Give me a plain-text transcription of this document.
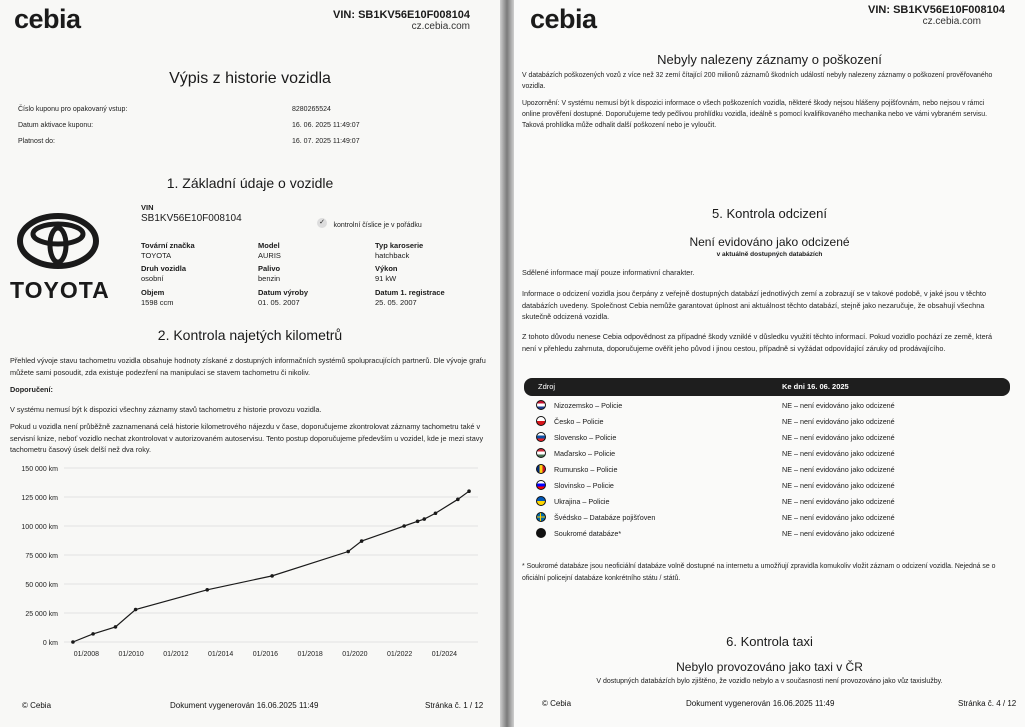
cebia	VIN: SB1KV56E10F008104
cz.cebia.com
Výpis z historie vozidla
Číslo kuponu pro opakovaný vstup:	8280265524
Datum aktivace kuponu:	16. 06. 2025 11:49:07
Platnost do:	16. 07. 2025 11:49:07
1. Základní údaje o vozidle
TOYOTA
VIN
SB1KV56E10F008104	✓ kontrolní číslice je v pořádku
Tovární značka
TOYOTA
Model
AURIS
Typ karoserie
hatchback
Druh vozidla
osobní
Palivo
benzin
Výkon
91 kW
Objem
1598 ccm
Datum výroby
01. 05. 2007
Datum 1. registrace
25. 05. 2007
2. Kontrola najetých kilometrů
Přehled vývoje stavu tachometru vozidla obsahuje hodnoty získané z dostupných informačních systémů spolupracujících partnerů. Dle vývoje grafu můžete sami posoudit, zda existuje podezření na manipulaci se stavem tachometru či nikoliv.
Doporučení:
V systému nemusí být k dispozici všechny záznamy stavů tachometru z historie provozu vozidla.
Pokud u vozidla není průběžně zaznamenaná celá historie kilometrového nájezdu v čase, doporučujeme zkontrolovat záznamy tachometru také v servisní knize, neboť vozidlo nechat zkontrolovat v autorizovaném autoservisu. Tento postup doporučujeme především u vozidel, kde je mezi stavy tachometru časový úsek delší než dva roky.
0 km
25 000 km
50 000 km
75 000 km
100 000 km
125 000 km
150 000 km
01/2008	01/2010	01/2012	01/2014	01/2016	01/2018	01/2020	01/2022	01/2024
© Cebia	Dokument vygenerován 16.06.2025 11:49	Stránka č. 1 / 12
cebia	VIN: SB1KV56E10F008104
cz.cebia.com
Nebyly nalezeny záznamy o poškození
V databázích poškozených vozů z více než 32 zemí čítající 200 milionů záznamů škodních událostí nebyly nalezeny záznamy o poškození prověřovaného vozidla.
Upozornění: V systému nemusí být k dispozici informace o všech poškozeních vozidla, některé škody nejsou hlášeny pojišťovnám, nebo nejsou v rámci online prověření dostupné. Doporučujeme tedy pečlivou prohlídku vozidla, ideálně s pomocí kvalifikovaného mechanika nebo ve vámi vybraném servisu. Taková prohlídka může odhalit další poškození nebo je vyloučit.
5. Kontrola odcizení
Není evidováno jako odcizené
v aktuálně dostupných databázích
Sdělené informace mají pouze informativní charakter.
Informace o odcizení vozidla jsou čerpány z veřejně dostupných databází jednotlivých zemí a zobrazují se v takové podobě, v jaké jsou v těchto databázích uvedeny. Společnost Cebia nemůže garantovat úplnost ani aktuálnost těchto databází, stejně jako nezaručuje, že obsahují všechna skutečně odcizená vozidla.
Z tohoto důvodu nenese Cebia odpovědnost za případné škody vzniklé v důsledku využití těchto informací. Pokud vozidlo pochází ze země, která není v přehledu zahrnuta, doporučujeme ověřit jeho původ i jinou cestou, případně si vyžádat odpovídající záruky od prodávajícího.
Zdroj	Ke dni 16. 06. 2025
Nizozemsko – Policie	NE – není evidováno jako odcizené
Česko – Policie	NE – není evidováno jako odcizené
Slovensko – Policie	NE – není evidováno jako odcizené
Maďarsko – Policie	NE – není evidováno jako odcizené
Rumunsko – Policie	NE – není evidováno jako odcizené
Slovinsko – Policie	NE – není evidováno jako odcizené
Ukrajina – Policie	NE – není evidováno jako odcizené
Švédsko – Databáze pojišťoven	NE – není evidováno jako odcizené
Soukromé databáze*	NE – není evidováno jako odcizené
* Soukromé databáze jsou neoficiální databáze volně dostupné na internetu a umožňují zpravidla komukoliv vložit záznam o odcizení vozidla. Nejedná se o oficiální policejní databáze konkrétního státu / států.
6. Kontrola taxi
Nebylo provozováno jako taxi v ČR
V dostupných databázích bylo zjištěno, že vozidlo nebylo a v současnosti není provozováno jako vůz taxislužby.
© Cebia	Dokument vygenerován 16.06.2025 11:49	Stránka č. 4 / 12
